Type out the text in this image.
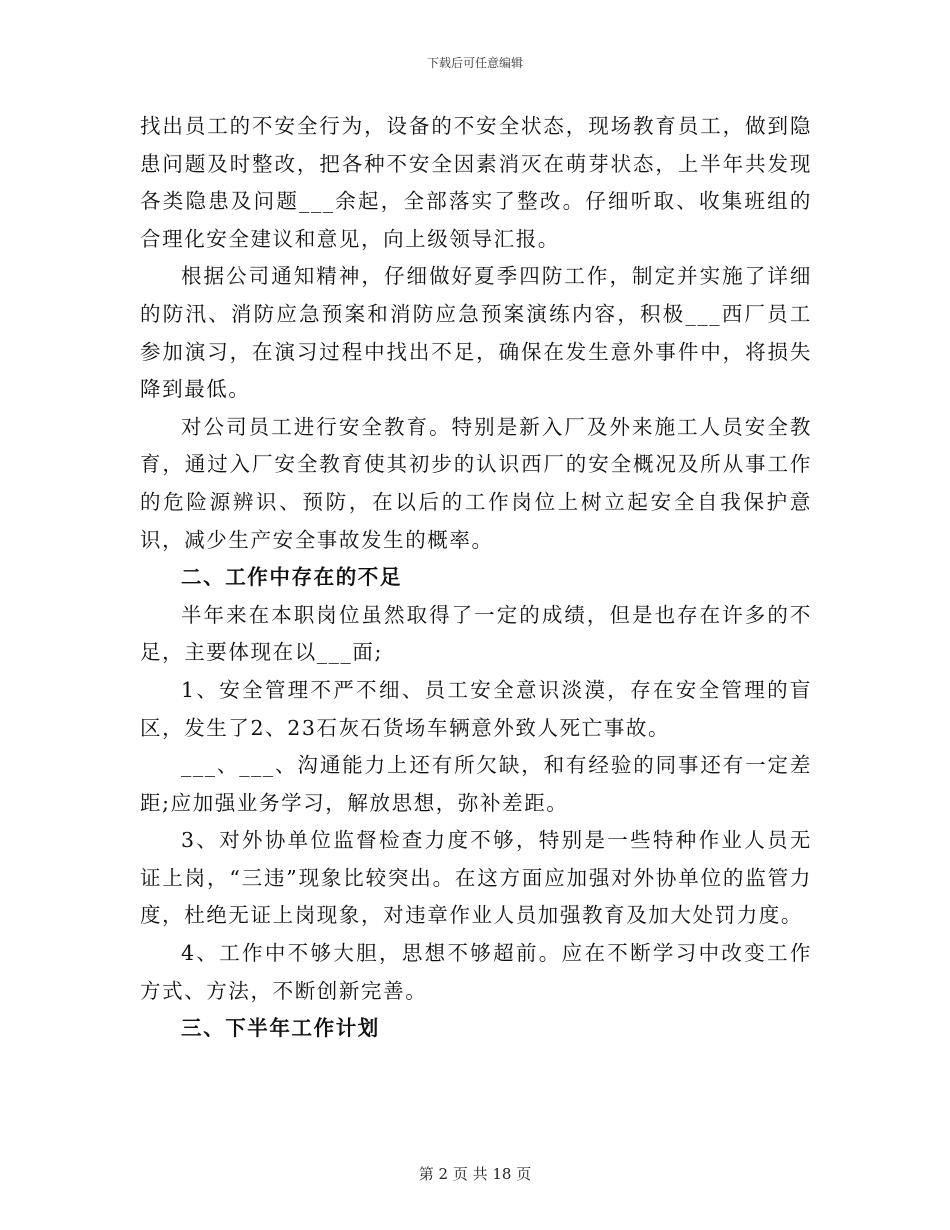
下载后可任意编辑

找出员工的不安全行为，设备的不安全状态，现场教育员工，做到隐患问题及时整改，把各种不安全因素消灭在萌芽状态，上半年共发现各类隐患及问题___余起，全部落实了整改。仔细听取、收集班组的合理化安全建议和意见，向上级领导汇报。

根据公司通知精神，仔细做好夏季四防工作，制定并实施了详细的防汛、消防应急预案和消防应急预案演练内容，积极___西厂员工参加演习，在演习过程中找出不足，确保在发生意外事件中，将损失降到最低。

对公司员工进行安全教育。特别是新入厂及外来施工人员安全教育，通过入厂安全教育使其初步的认识西厂的安全概况及所从事工作的危险源辨识、预防，在以后的工作岗位上树立起安全自我保护意识，减少生产安全事故发生的概率。

二、工作中存在的不足

半年来在本职岗位虽然取得了一定的成绩，但是也存在许多的不足，主要体现在以___面;

1、安全管理不严不细、员工安全意识淡漠，存在安全管理的盲区，发生了2、23石灰石货场车辆意外致人死亡事故。

___、___、沟通能力上还有所欠缺，和有经验的同事还有一定差距;应加强业务学习，解放思想，弥补差距。

3、对外协单位监督检查力度不够，特别是一些特种作业人员无证上岗，“三违”现象比较突出。在这方面应加强对外协单位的监管力度，杜绝无证上岗现象，对违章作业人员加强教育及加大处罚力度。

4、工作中不够大胆，思想不够超前。应在不断学习中改变工作方式、方法，不断创新完善。

三、下半年工作计划

第 2 页 共 18 页
